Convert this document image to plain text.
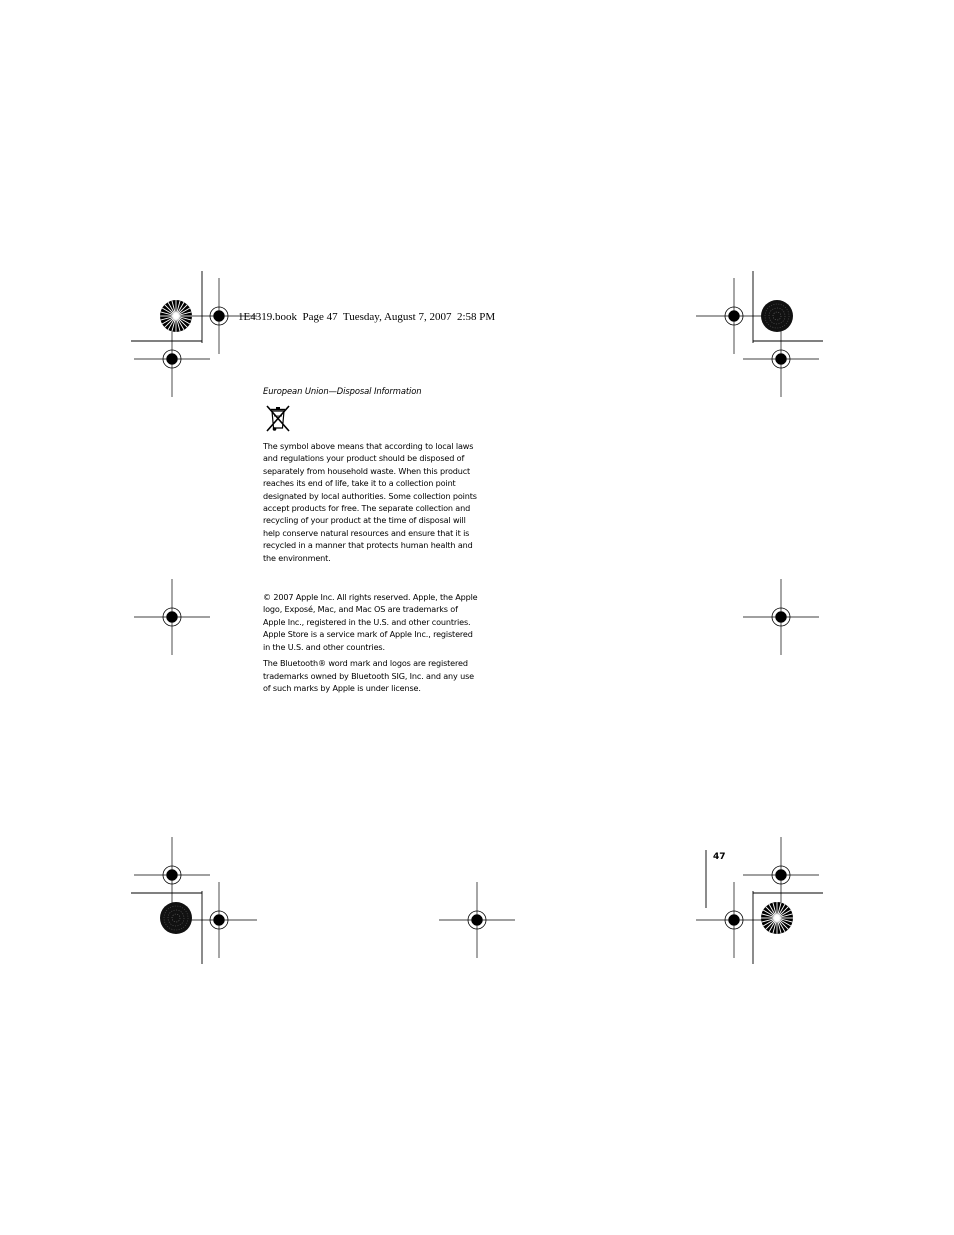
1E4319.book  Page 47  Tuesday, August 7, 2007  2:58 PM

European Union—Disposal Information

The symbol above means that according to local laws and regulations your product should be disposed of separately from household waste. When this product reaches its end of life, take it to a collection point designated by local authorities. Some collection points accept products for free. The separate collection and recycling of your product at the time of disposal will help conserve natural resources and ensure that it is recycled in a manner that protects human health and the environment.

© 2007 Apple Inc. All rights reserved. Apple, the Apple logo, Exposé, Mac, and Mac OS are trademarks of Apple Inc., registered in the U.S. and other countries. Apple Store is a service mark of Apple Inc., registered in the U.S. and other countries.

The Bluetooth® word mark and logos are registered trademarks owned by Bluetooth SIG, Inc. and any use of such marks by Apple is under license.

47
